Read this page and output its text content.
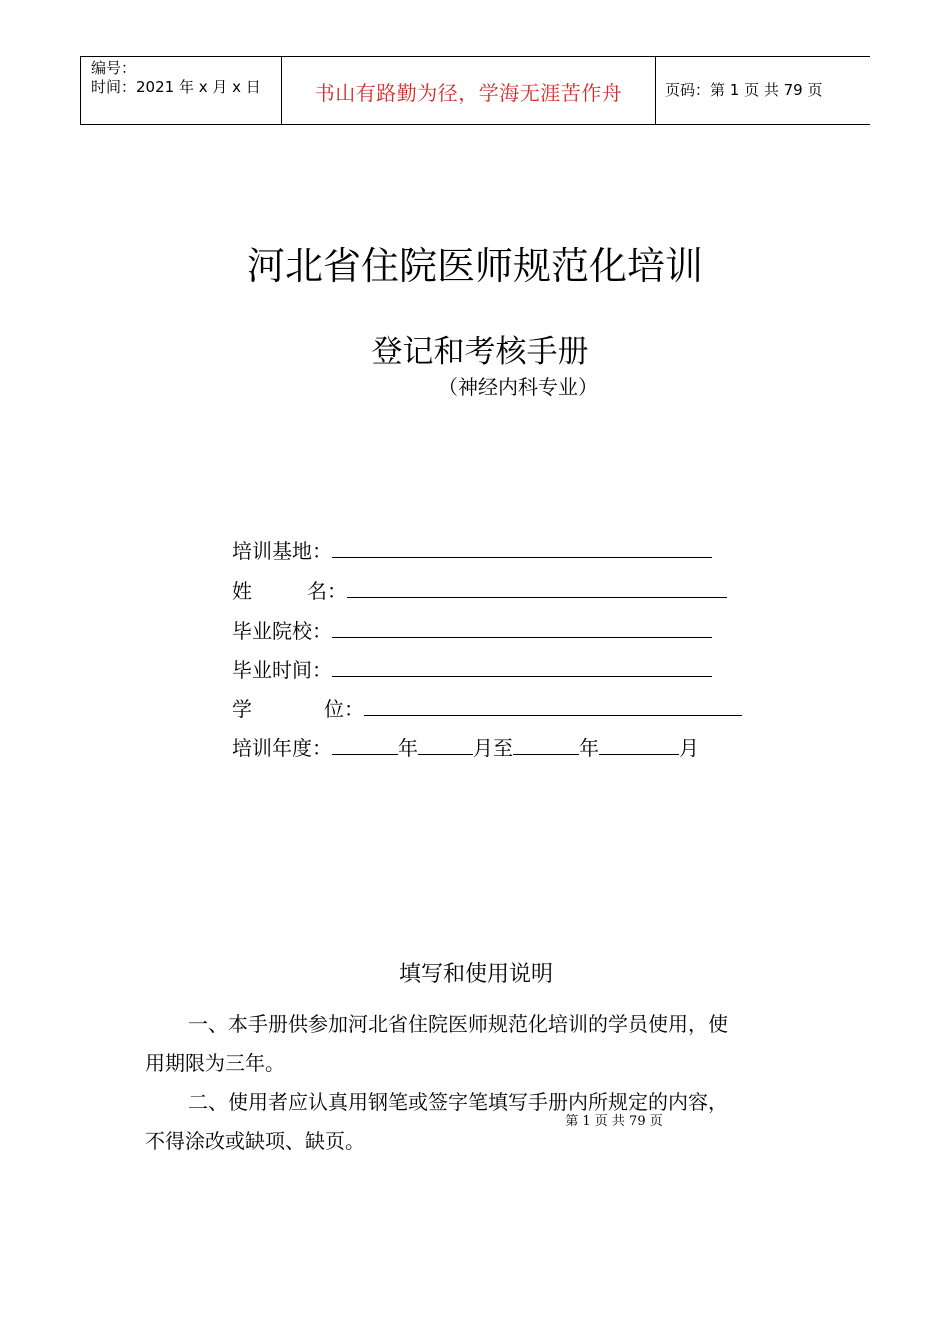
编号：
时间：2021 年 x 月 x 日	书山有路勤为径，学海无涯苦作舟	页码：第 1 页 共 79 页
河北省住院医师规范化培训
登记和考核手册
（神经内科专业）
培训基地：
姓	名：
毕业院校：
毕业时间：
学	位：
培训年度：	年	月至	年	月
填写和使用说明
一、本手册供参加河北省住院医师规范化培训的学员使用，使
用期限为三年。
二、使用者应认真用钢笔或签字笔填写手册内所规定的内容，
不得涂改或缺项、缺页。
第 1 页 共 79 页
